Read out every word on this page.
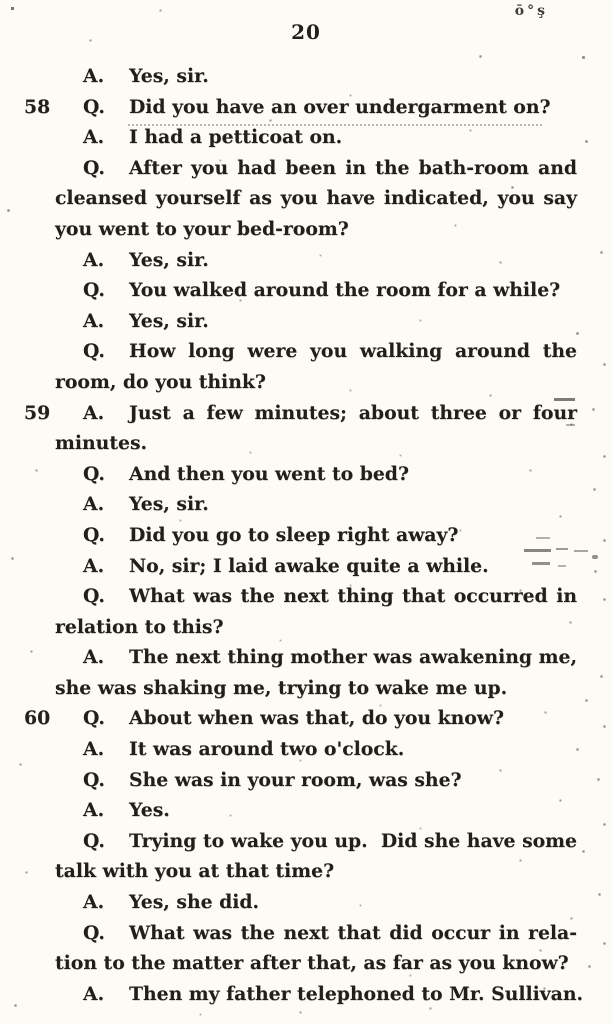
ō°ş
20
A. Yes, sir.
58	Q. Did you have an over undergarment on?
A. I had a petticoat on.
Q. After you had been in the bath-room and
cleansed yourself as you have indicated, you say
you went to your bed-room?
A. Yes, sir.
Q. You walked around the room for a while?
A. Yes, sir.
Q. How long were you walking around the
room, do you think?
59	A. Just a few minutes; about three or four
minutes.
Q. And then you went to bed?
A. Yes, sir.
Q. Did you go to sleep right away?
A. No, sir; I laid awake quite a while.
Q. What was the next thing that occurred in
relation to this?
A. The next thing mother was awakening me,
she was shaking me, trying to wake me up.
60	Q. About when was that, do you know?
A. It was around two o'clock.
Q. She was in your room, was she?
A. Yes.
Q. Trying to wake you up.  Did she have some
talk with you at that time?
A. Yes, she did.
Q. What was the next that did occur in rela-
tion to the matter after that, as far as you know?
A. Then my father telephoned to Mr. Sullivan.
